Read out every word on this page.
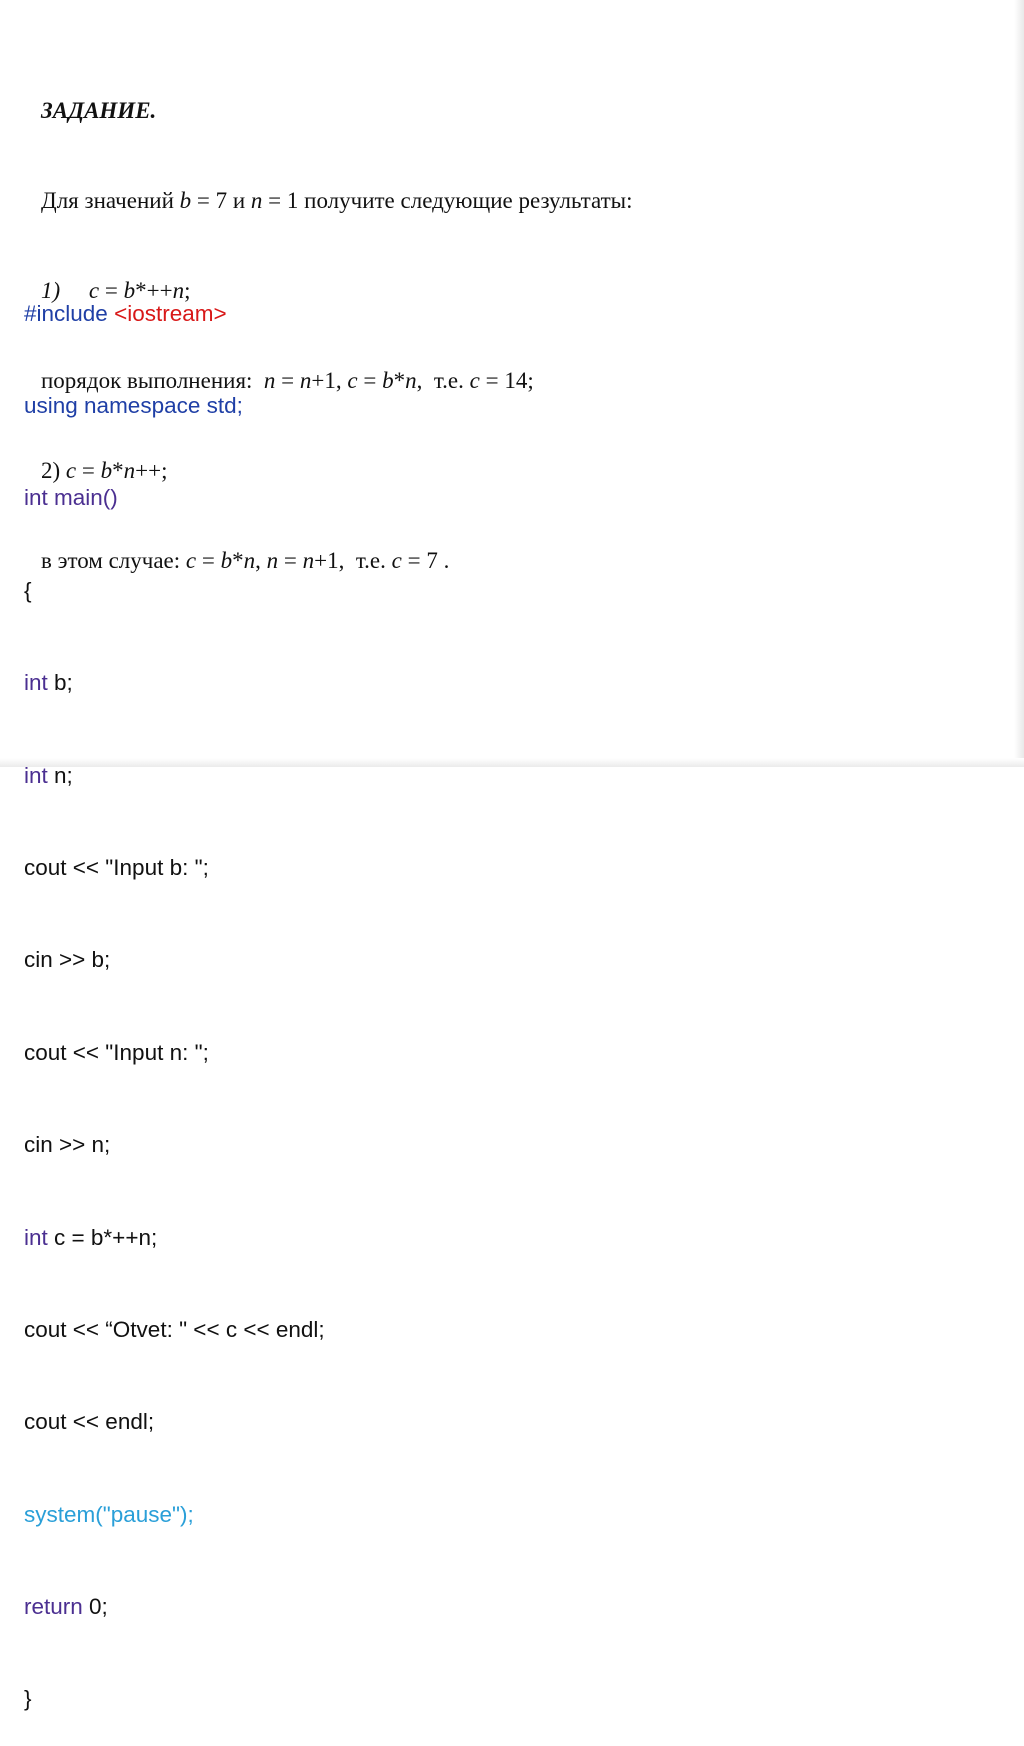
ЗАДАНИЕ.

Для значений b = 7 и n = 1 получите следующие результаты:

1) c = b*++n;

порядок выполнения:  n = n+1, c = b*n,  т.е. c = 14;

2) c = b*n++;

в этом случае: c = b*n, n = n+1,  т.е. c = 7 .

#include <iostream>

using namespace std;

int main()

{

int b;

int n;

cout << "Input b: ";

cin >> b;

cout << "Input n: ";

cin >> n;

int c = b*++n;

cout << “Otvet: " << c << endl;

cout << endl;

system("pause");

return 0;

}
